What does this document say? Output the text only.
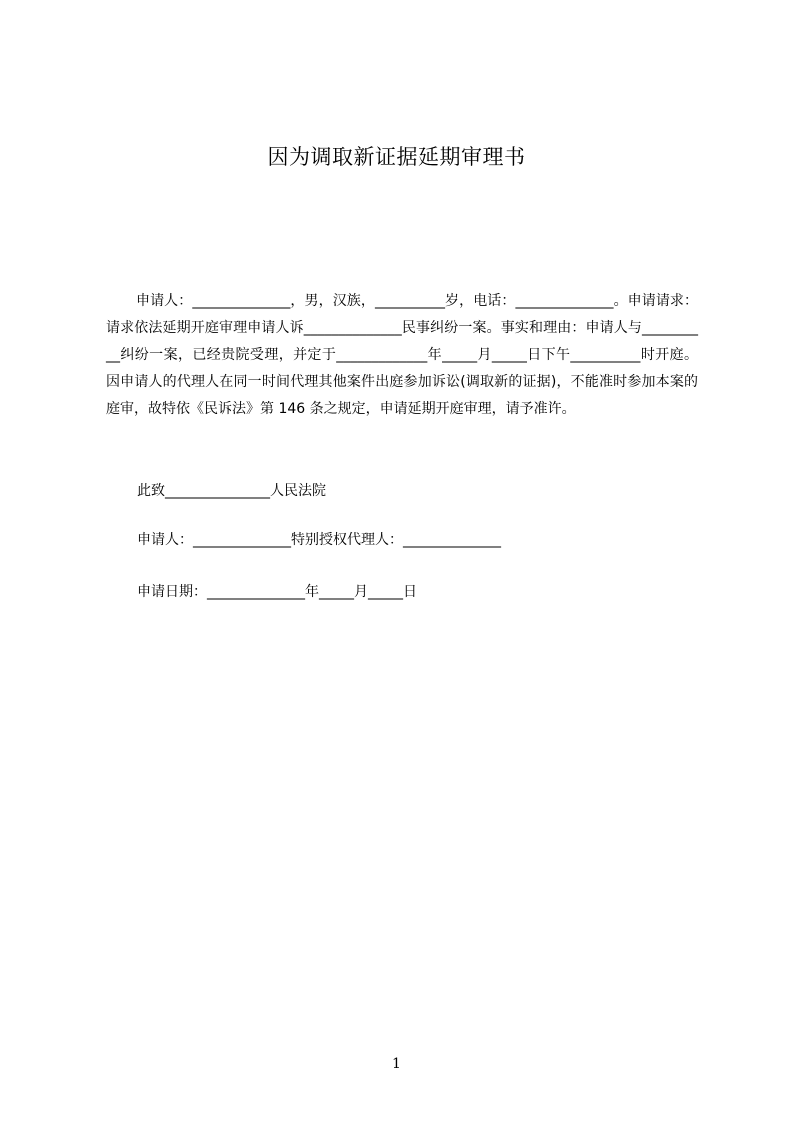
因为调取新证据延期审理书

申请人：______________，男，汉族，__________岁，电话：______________。申请请求：请求依法延期开庭审理申请人诉______________民事纠纷一案。事实和理由：申请人与__________纠纷一案，已经贵院受理，并定于_____________年_____月_____日下午__________时开庭。因申请人的代理人在同一时间代理其他案件出庭参加诉讼(调取新的证据)，不能准时参加本案的庭审，故特依《民诉法》第 146 条之规定，申请延期开庭审理，请予准许。

此致_______________人民法院
申请人：______________特别授权代理人：______________
申请日期：______________年_____月_____日
1
